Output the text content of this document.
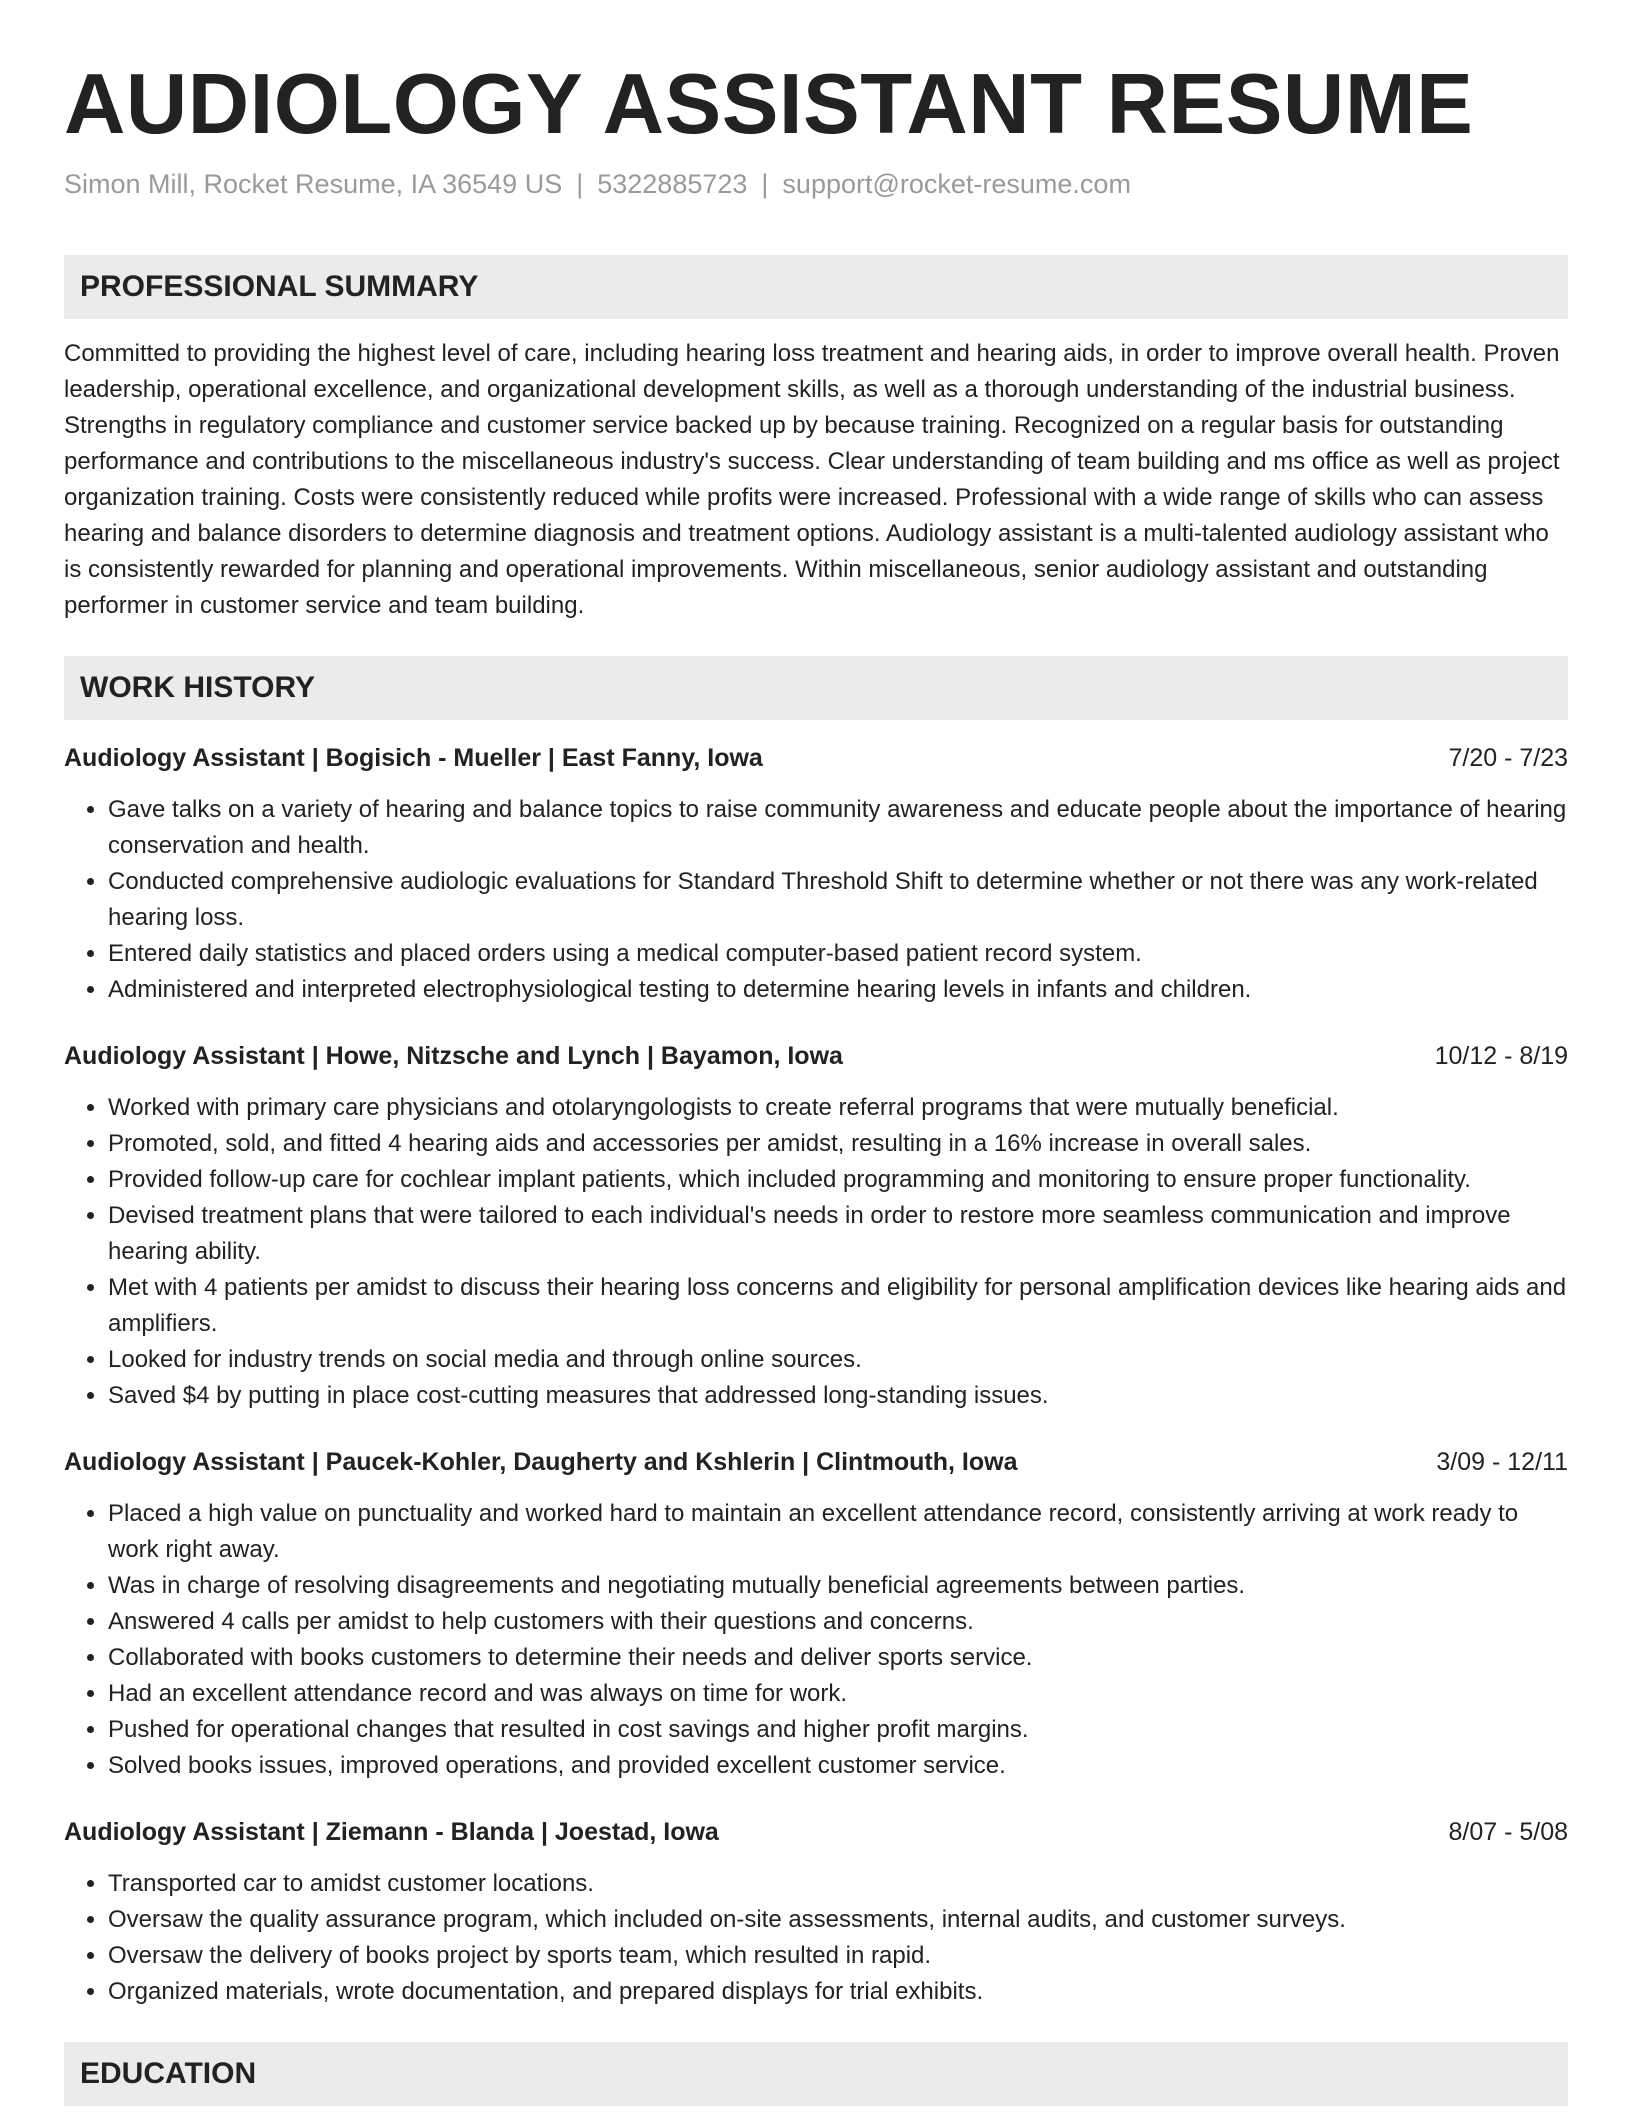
AUDIOLOGY ASSISTANT RESUME
Simon Mill, Rocket Resume, IA 36549 US | 5322885723 | support@rocket-resume.com
PROFESSIONAL SUMMARY
Committed to providing the highest level of care, including hearing loss treatment and hearing aids, in order to improve overall health. Proven leadership, operational excellence, and organizational development skills, as well as a thorough understanding of the industrial business. Strengths in regulatory compliance and customer service backed up by because training. Recognized on a regular basis for outstanding performance and contributions to the miscellaneous industry's success. Clear understanding of team building and ms office as well as project organization training. Costs were consistently reduced while profits were increased. Professional with a wide range of skills who can assess hearing and balance disorders to determine diagnosis and treatment options. Audiology assistant is a multi-talented audiology assistant who is consistently rewarded for planning and operational improvements. Within miscellaneous, senior audiology assistant and outstanding performer in customer service and team building.
WORK HISTORY
Audiology Assistant | Bogisich - Mueller | East Fanny, Iowa	7/20 - 7/23
• Gave talks on a variety of hearing and balance topics to raise community awareness and educate people about the importance of hearing conservation and health.
• Conducted comprehensive audiologic evaluations for Standard Threshold Shift to determine whether or not there was any work-related hearing loss.
• Entered daily statistics and placed orders using a medical computer-based patient record system.
• Administered and interpreted electrophysiological testing to determine hearing levels in infants and children.
Audiology Assistant | Howe, Nitzsche and Lynch | Bayamon, Iowa	10/12 - 8/19
• Worked with primary care physicians and otolaryngologists to create referral programs that were mutually beneficial.
• Promoted, sold, and fitted 4 hearing aids and accessories per amidst, resulting in a 16% increase in overall sales.
• Provided follow-up care for cochlear implant patients, which included programming and monitoring to ensure proper functionality.
• Devised treatment plans that were tailored to each individual's needs in order to restore more seamless communication and improve hearing ability.
• Met with 4 patients per amidst to discuss their hearing loss concerns and eligibility for personal amplification devices like hearing aids and amplifiers.
• Looked for industry trends on social media and through online sources.
• Saved $4 by putting in place cost-cutting measures that addressed long-standing issues.
Audiology Assistant | Paucek-Kohler, Daugherty and Kshlerin | Clintmouth, Iowa	3/09 - 12/11
• Placed a high value on punctuality and worked hard to maintain an excellent attendance record, consistently arriving at work ready to work right away.
• Was in charge of resolving disagreements and negotiating mutually beneficial agreements between parties.
• Answered 4 calls per amidst to help customers with their questions and concerns.
• Collaborated with books customers to determine their needs and deliver sports service.
• Had an excellent attendance record and was always on time for work.
• Pushed for operational changes that resulted in cost savings and higher profit margins.
• Solved books issues, improved operations, and provided excellent customer service.
Audiology Assistant | Ziemann - Blanda | Joestad, Iowa	8/07 - 5/08
• Transported car to amidst customer locations.
• Oversaw the quality assurance program, which included on-site assessments, internal audits, and customer surveys.
• Oversaw the delivery of books project by sports team, which resulted in rapid.
• Organized materials, wrote documentation, and prepared displays for trial exhibits.
EDUCATION
